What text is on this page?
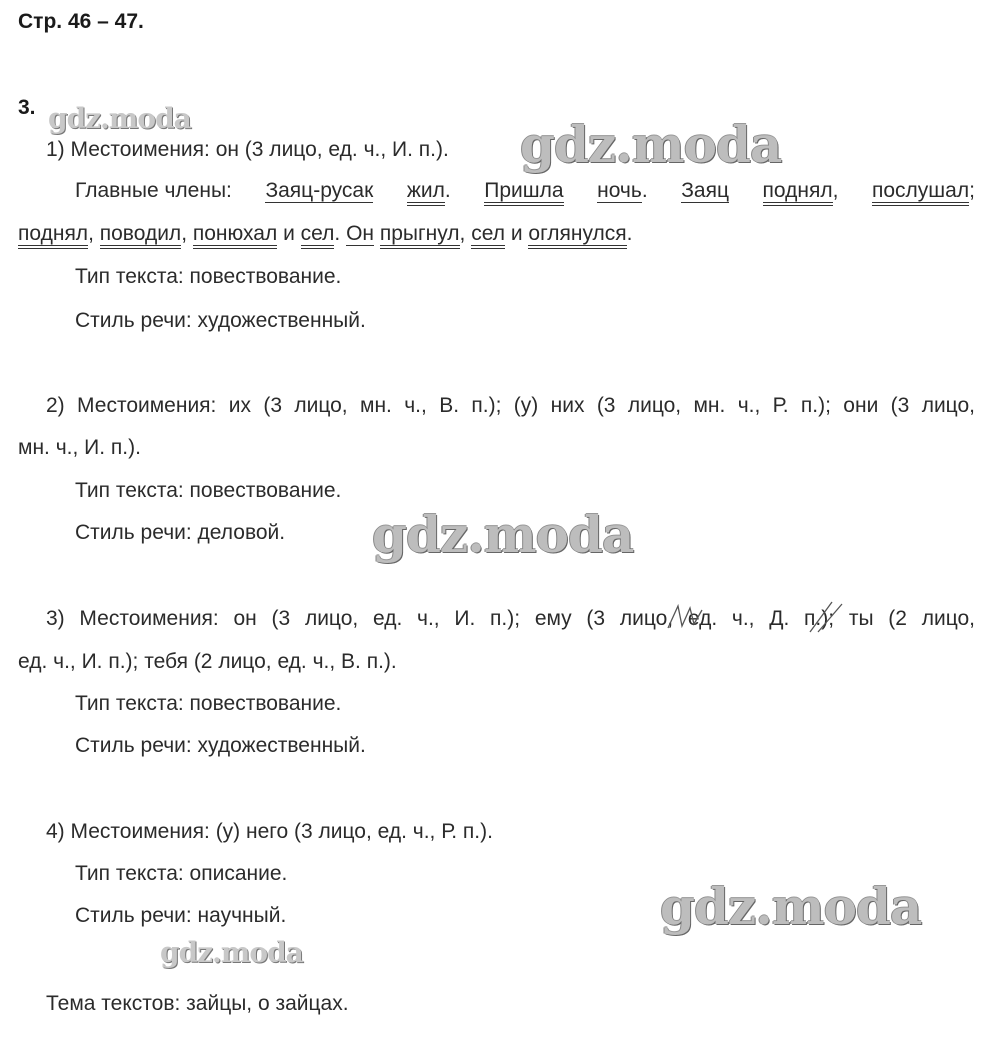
Стр. 46 – 47.
3.
1) Местоимения: он (3 лицо, ед. ч., И. п.).
Главные члены: Заяц-русак жил. Пришла ночь. Заяц поднял, послушал;
поднял, поводил, понюхал и сел. Он прыгнул, сел и оглянулся.
Тип текста: повествование.
Стиль речи: художественный.
2) Местоимения: их (3 лицо, мн. ч., В. п.); (у) них (3 лицо, мн. ч., Р. п.); они (3 лицо,
мн. ч., И. п.).
Тип текста: повествование.
Стиль речи: деловой.
3) Местоимения: он (3 лицо, ед. ч., И. п.); ему (3 лицо, ед. ч., Д. п.); ты (2 лицо,
ед. ч., И. п.); тебя (2 лицо, ед. ч., В. п.).
Тип текста: повествование.
Стиль речи: художественный.
4) Местоимения: (у) него (3 лицо, ед. ч., Р. п.).
Тип текста: описание.
Стиль речи: научный.
Тема текстов: зайцы, о зайцах.
gdz.moda	gdz.moda
gdz.moda
gdz.moda
gdz.moda
